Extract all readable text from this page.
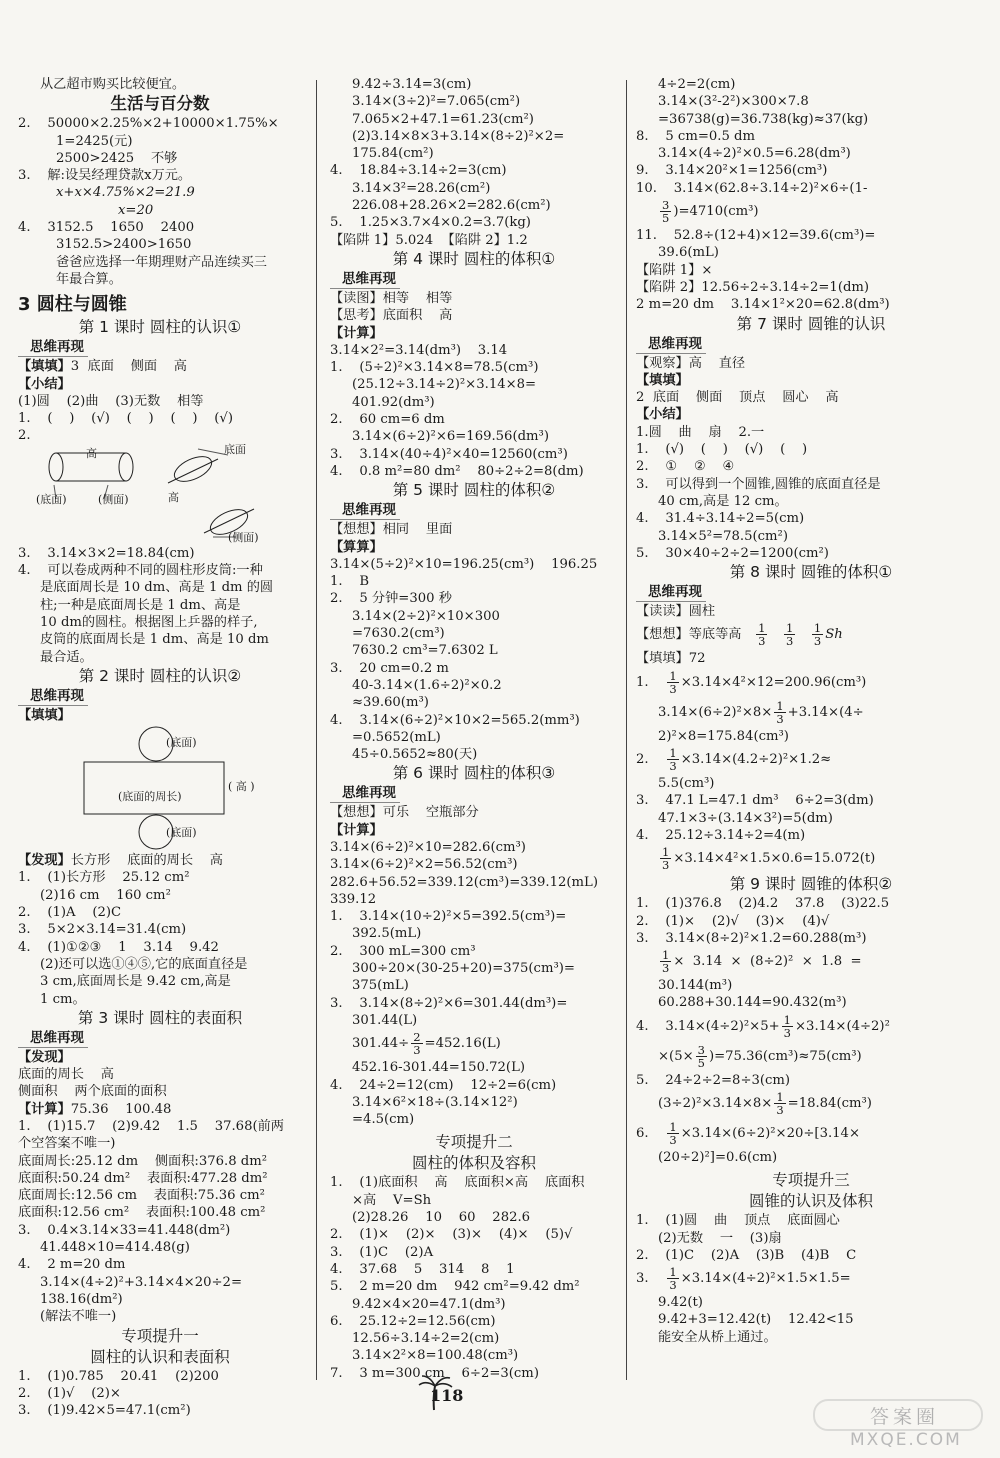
从乙超市购买比较便宜。
生活与百分数
2.    50000×2.25%×2+10000×1.75%×
1=2425(元)
2500>2425    不够
3.    解:设吴经理贷款x万元。
x+x×4.75%×2=21.9
x=20
4.    3152.5    1650    2400
3152.5>2400>1650
爸爸应选择一年期理财产品连续买三
年最合算。
3 圆柱与圆锥
第 1 课时 圆柱的认识①
思维再现
【填填】3  底面    侧面    高
【小结】
(1)圆    (2)曲    (3)无数    相等
1.    (    )    (√)    (    )    (    )    (√)
2.
高
(底面)	(侧面)	高
底面
(侧面)
3.    3.14×3×2=18.84(cm)
4.    可以卷成两种不同的圆柱形皮筒:一种
是底面周长是 10 dm、高是 1 dm 的圆
柱;一种是底面周长是 1 dm、高是
10 dm的圆柱。根据图上乒器的样子,
皮筒的底面周长是 1 dm、高是 10 dm
最合适。
第 2 课时 圆柱的认识②
思维再现
【填填】
(底面)
(底面的周长)
( 高 )
(底面)
【发现】长方形    底面的周长    高
1.    (1)长方形    25.12 cm²
(2)16 cm    160 cm²
2.    (1)A    (2)C
3.    5×2×3.14=31.4(cm)
4.    (1)①②③    1    3.14    9.42
(2)还可以选①④⑤,它的底面直径是
3 cm,底面周长是 9.42 cm,高是
1 cm。
第 3 课时 圆柱的表面积
思维再现
【发现】
底面的周长    高
侧面积    两个底面的面积
【计算】75.36    100.48
1.    (1)15.7    (2)9.42    1.5    37.68(前两
个空答案不唯一)
底面周长:25.12 dm    侧面积:376.8 dm²
底面积:50.24 dm²    表面积:477.28 dm²
底面周长:12.56 cm    表面积:75.36 cm²
底面积:12.56 cm²    表面积:100.48 cm²
3.    0.4×3.14×33=41.448(dm²)
41.448×10=414.48(g)
4.    2 m=20 dm
3.14×(4÷2)²+3.14×4×20÷2=
138.16(dm²)
(解法不唯一)
专项提升一
圆柱的认识和表面积
1.    (1)0.785    20.41    (2)200
2.    (1)√    (2)×
3.    (1)9.42×5=47.1(cm²)
9.42÷3.14=3(cm)
3.14×(3÷2)²=7.065(cm²)
7.065×2+47.1=61.23(cm²)
(2)3.14×8×3+3.14×(8÷2)²×2=
175.84(cm²)
4.    18.84÷3.14÷2=3(cm)
3.14×3²=28.26(cm²)
226.08+28.26×2=282.6(cm²)
5.    1.25×3.7×4×0.2=3.7(kg)
【陷阱 1】5.024  【陷阱 2】1.2
第 4 课时 圆柱的体积①
思维再现
【读图】相等    相等
【思考】底面积    高
【计算】
3.14×2²=3.14(dm³)    3.14
1.    (5÷2)²×3.14×8=78.5(cm³)
(25.12÷3.14÷2)²×3.14×8=
401.92(dm³)
2.    60 cm=6 dm
3.14×(6÷2)²×6=169.56(dm³)
3.    3.14×(40÷4)²×40=12560(cm³)
4.    0.8 m²=80 dm²    80÷2÷2=8(dm)
第 5 课时 圆柱的体积②
思维再现
【想想】相同    里面
【算算】
3.14×(5÷2)²×10=196.25(cm³)    196.25
1.    B
2.    5 分钟=300 秒
3.14×(2÷2)²×10×300
=7630.2(cm³)
7630.2 cm³=7.6302 L
3.    20 cm=0.2 m
40-3.14×(1.6÷2)²×0.2
≈39.60(m³)
4.    3.14×(6÷2)²×10×2=565.2(mm³)
=0.5652(mL)
45÷0.5652≈80(天)
第 6 课时 圆柱的体积③
思维再现
【想想】可乐    空瓶部分
【计算】
3.14×(6÷2)²×10=282.6(cm³)
3.14×(6÷2)²×2=56.52(cm³)
282.6+56.52=339.12(cm³)=339.12(mL)
339.12
1.    3.14×(10÷2)²×5=392.5(cm³)=
392.5(mL)
2.    300 mL=300 cm³
300÷20×(30-25+20)=375(cm³)=
375(mL)
3.    3.14×(8÷2)²×6=301.44(dm³)=
301.44(L)
$301.44\div \frac{2}{3} =452.16(L)$
452.16-301.44=150.72(L)
4.    24÷2=12(cm)    12÷2=6(cm)
3.14×6²×18÷(3.14×12²)
=4.5(cm)
专项提升二
圆柱的体积及容积
1.    (1)底面积    高    底面积×高    底面积
×高    V=Sh
(2)28.26    10    60    282.6
2.    (1)×    (2)×    (3)×    (4)×    (5)√
3.    (1)C    (2)A
4.    37.68    5    314    8    1
5.    2 m=20 dm    942 cm²=9.42 dm²
9.42×4×20=47.1(dm³)
6.    25.12÷2=12.56(cm)
12.56÷3.14÷2=2(cm)
3.14×2²×8=100.48(cm³)
7.    3 m=300 cm    6÷2=3(cm)
4÷2=2(cm)
3.14×(3²-2²)×300×7.8
=36738(g)=36.738(kg)≈37(kg)
8.    5 cm=0.5 dm
3.14×(4÷2)²×0.5=6.28(dm³)
9.    3.14×20²×1=1256(cm³)
10.    3.14×(62.8÷3.14÷2)²×6÷(1-
$\frac{3}{5} )=4710(cm^3)$
11.    52.8÷(12+4)×12=39.6(cm³)=
39.6(mL)
【陷阱 1】×
【陷阱 2】12.56÷2÷3.14÷2=1(dm)
2 m=20 dm    3.14×1²×20=62.8(dm³)
第 7 课时 圆锥的认识
思维再现
【观察】高    直径
【填填】
2  底面    侧面    顶点    圆心    高
【小结】
1.圆    曲    扇    2.一
1.    (√)    (    )    (√)    (    )
2.    ①    ②    ④
3.    可以得到一个圆锥,圆锥的底面直径是
40 cm,高是 12 cm。
4.    31.4÷3.14÷2=5(cm)
3.14×5²=78.5(cm²)
5.    30×40÷2÷2=1200(cm²)
第 8 课时 圆锥的体积①
思维再现
【读读】圆柱
【想想】等底等高 $\frac{1}{3}$
$\frac{1}{3}$
$\frac{1}{3}$ Sh
【填填】72
1. $\frac{1}{3} \times 3.14\times 4^2\times 12=200.96(cm^3)$
$3.14\times(6\div 2)^2\times 8\times \frac{1}{3} +3.14\times(4\div$
2)²×8=175.84(cm³)
2. $\frac{1}{3} \times 3.14\times(4.2\div 2)^2\times 1.2\approx$
5.5(cm³)
3.    47.1 L=47.1 dm³    6÷2=3(dm)
47.1×3÷(3.14×3²)=5(dm)
4.    25.12÷3.14÷2=4(m)
$\frac{1}{3} \times 3.14\times 4^2\times 1.5\times 0.6=15.072(t)$
第 9 课时 圆锥的体积②
1.    (1)376.8    (2)4.2    37.8    (3)22.5
2.    (1)×    (2)√    (3)×    (4)√
3.    3.14×(8÷2)²×1.2=60.288(m³)
$\frac{1}{3} \times 3.14 \times (8\div 2)^2 \times 1.8$  =
30.144(m³)
60.288+30.144=90.432(m³)
4.    $3.14\times(4\div 2)^2\times 5+ \frac{1}{3} \times 3.14\times(4\div 2)^2$
$\times(5\times \frac{3}{5} )=75.36(cm^3)\approx 75(cm^3)$
5.    24÷2÷2=8÷3(cm)
$(3\div 2)^2\times 3.14\times 8\times \frac{1}{3} =18.84(cm^3)$
6. $\frac{1}{3} \times 3.14\times(6\div 2)^2\times 20\div[3.14\times$
(20÷2)²]=0.6(cm)
专项提升三
圆锥的认识及体积
1.    (1)圆    曲    顶点    底面圆心
(2)无数    一    (3)扇
2.    (1)C    (2)A    (3)B    (4)B    C
3. $\frac{1}{3} \times 3.14\times(4\div 2)^2\times 1.5\times 1.5=$
9.42(t)
9.42+3=12.42(t)    12.42<15
能安全从桥上通过。
118
答案圈
MXQE.COM
